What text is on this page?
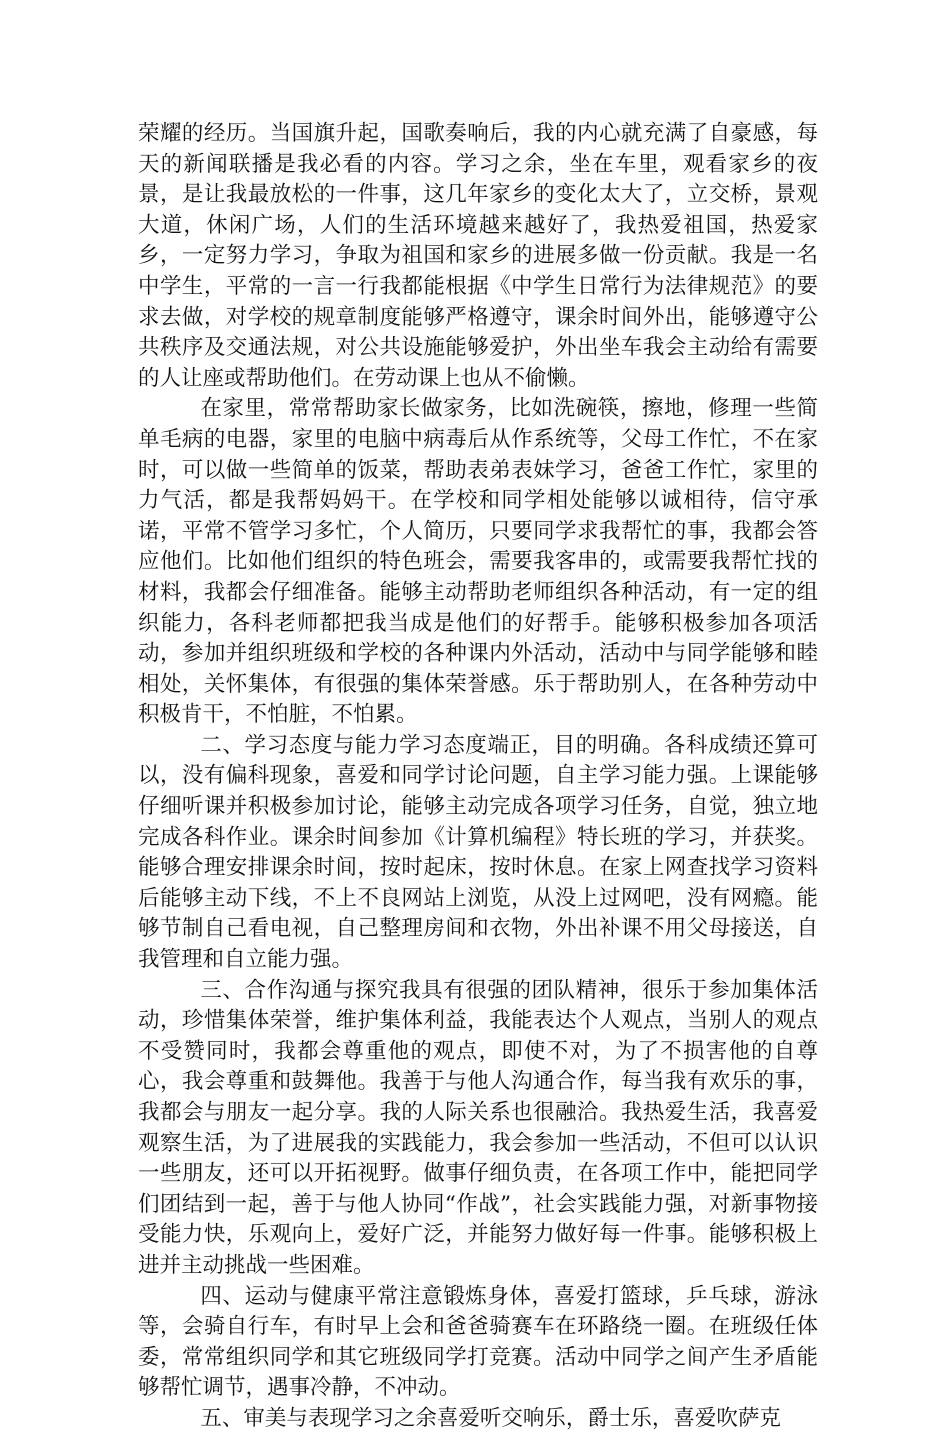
荣耀的经历。当国旗升起，国歌奏响后，我的内心就充满了自豪感，每天的新闻联播是我必看的内容。学习之余，坐在车里，观看家乡的夜景，是让我最放松的一件事，这几年家乡的变化太大了，立交桥，景观大道，休闲广场，人们的生活环境越来越好了，我热爱祖国，热爱家乡，一定努力学习，争取为祖国和家乡的进展多做一份贡献。我是一名中学生，平常的一言一行我都能根据《中学生日常行为法律规范》的要求去做，对学校的规章制度能够严格遵守，课余时间外出，能够遵守公共秩序及交通法规，对公共设施能够爱护，外出坐车我会主动给有需要的人让座或帮助他们。在劳动课上也从不偷懒。

在家里，常常帮助家长做家务，比如洗碗筷，擦地，修理一些简单毛病的电器，家里的电脑中病毒后从作系统等，父母工作忙，不在家时，可以做一些简单的饭菜，帮助表弟表妹学习，爸爸工作忙，家里的力气活，都是我帮妈妈干。在学校和同学相处能够以诚相待，信守承诺，平常不管学习多忙，个人简历，只要同学求我帮忙的事，我都会答应他们。比如他们组织的特色班会，需要我客串的，或需要我帮忙找的材料，我都会仔细准备。能够主动帮助老师组织各种活动，有一定的组织能力，各科老师都把我当成是他们的好帮手。能够积极参加各项活动，参加并组织班级和学校的各种课内外活动，活动中与同学能够和睦相处，关怀集体，有很强的集体荣誉感。乐于帮助别人，在各种劳动中积极肯干，不怕脏，不怕累。

二、学习态度与能力学习态度端正，目的明确。各科成绩还算可以，没有偏科现象，喜爱和同学讨论问题，自主学习能力强。上课能够仔细听课并积极参加讨论，能够主动完成各项学习任务，自觉，独立地完成各科作业。课余时间参加《计算机编程》特长班的学习，并获奖。能够合理安排课余时间，按时起床，按时休息。在家上网查找学习资料后能够主动下线，不上不良网站上浏览，从没上过网吧，没有网瘾。能够节制自己看电视，自己整理房间和衣物，外出补课不用父母接送，自我管理和自立能力强。

三、合作沟通与探究我具有很强的团队精神，很乐于参加集体活动，珍惜集体荣誉，维护集体利益，我能表达个人观点，当别人的观点不受赞同时，我都会尊重他的观点，即使不对，为了不损害他的自尊心，我会尊重和鼓舞他。我善于与他人沟通合作，每当我有欢乐的事，我都会与朋友一起分享。我的人际关系也很融洽。我热爱生活，我喜爱观察生活，为了进展我的实践能力，我会参加一些活动，不但可以认识一些朋友，还可以开拓视野。做事仔细负责，在各项工作中，能把同学们团结到一起，善于与他人协同“作战”，社会实践能力强，对新事物接受能力快，乐观向上，爱好广泛，并能努力做好每一件事。能够积极上进并主动挑战一些困难。

四、运动与健康平常注意锻炼身体，喜爱打篮球，乒乓球，游泳等，会骑自行车，有时早上会和爸爸骑赛车在环路绕一圈。在班级任体委，常常组织同学和其它班级同学打竞赛。活动中同学之间产生矛盾能够帮忙调节，遇事冷静，不冲动。

五、审美与表现学习之余喜爱听交响乐，爵士乐，喜爱吹萨克
